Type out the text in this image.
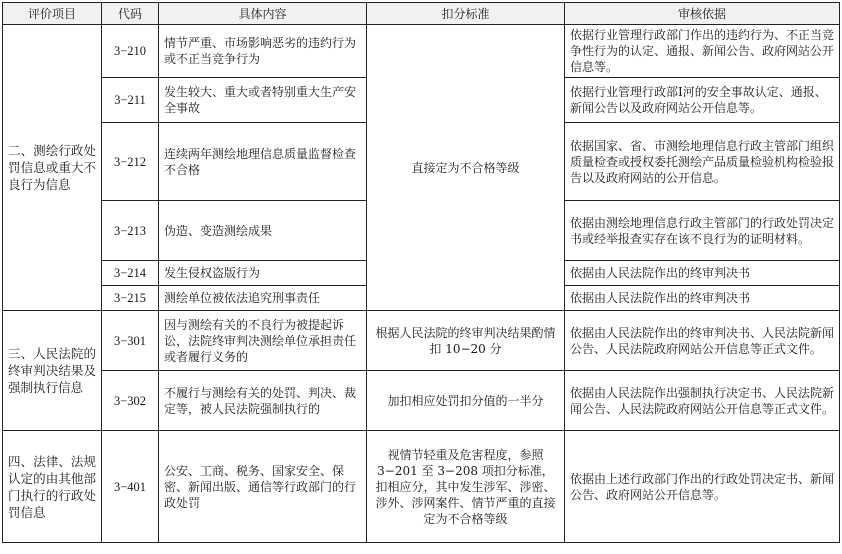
评价项目	代码	具体内容	扣分标准	审核依据
二、测绘行政处罚信息或重大不良行为信息	3−210	情节严重、市场影响恶劣的违约行为或不正当竞争行为	直接定为不合格等级	依据行业管理行政部门作出的违约行为、不正当竞争性行为的认定、通报、新闻公告、政府网站公开信息等。
	3−211	发生较大、重大或者特别重大生产安全事故		依据行业管理行政部I河的安全事故认定、通报、新闻公告以及政府网站公开信息等。
	3−212	连续两年测绘地理信息质量监督检查不合格		依据国家、省、市测绘地理信息行政主管部门组织质量检查或授权委托测绘产品质量检验机构检验报告以及政府网站的公开信息。
	3−213	伪造、变造测绘成果		依据由测绘地理信息行政主管部门的行政处罚决定书或经举报查实存在该不良行为的证明材料。
	3−214	发生侵权盗版行为		依据由人民法院作出的终审判决书
	3−215	测绘单位被依法追究刑事责任		依据由人民法院作出的终审判决书
三、人民法院的终审判决结果及强制执行信息	3−301	因与测绘有关的不良行为被提起诉讼，法院终审判决测绘单位承担责任或者履行义务的	根据人民法院的终审判决结果酌情扣 10−20 分	依据由人民法院作出的终审判决书、人民法院新闻公告、人民法院政府网站公开信息等正式文件。
	3−302	不履行与测绘有关的处罚、判决、裁定等，被人民法院强制执行的	加扣相应处罚扣分值的一半分	依据由人民法院作出强制执行决定书、人民法院新闻公告、人民法院政府网站公开信息等正式文件。
四、法律、法规认定的由其他部门执行的行政处罚信息	3−401	公安、工商、税务、国家安全、保密、新闻出版、通信等行政部门的行政处罚	视情节轻重及危害程度，参照 3−201 至 3−208 项扣分标准，扣相应分，其中发生涉军、涉密、涉外、涉网案件、情节严重的直接定为不合格等级	依据由上述行政部门作出的行政处罚决定书、新闻公告、政府网站公开信息等。
